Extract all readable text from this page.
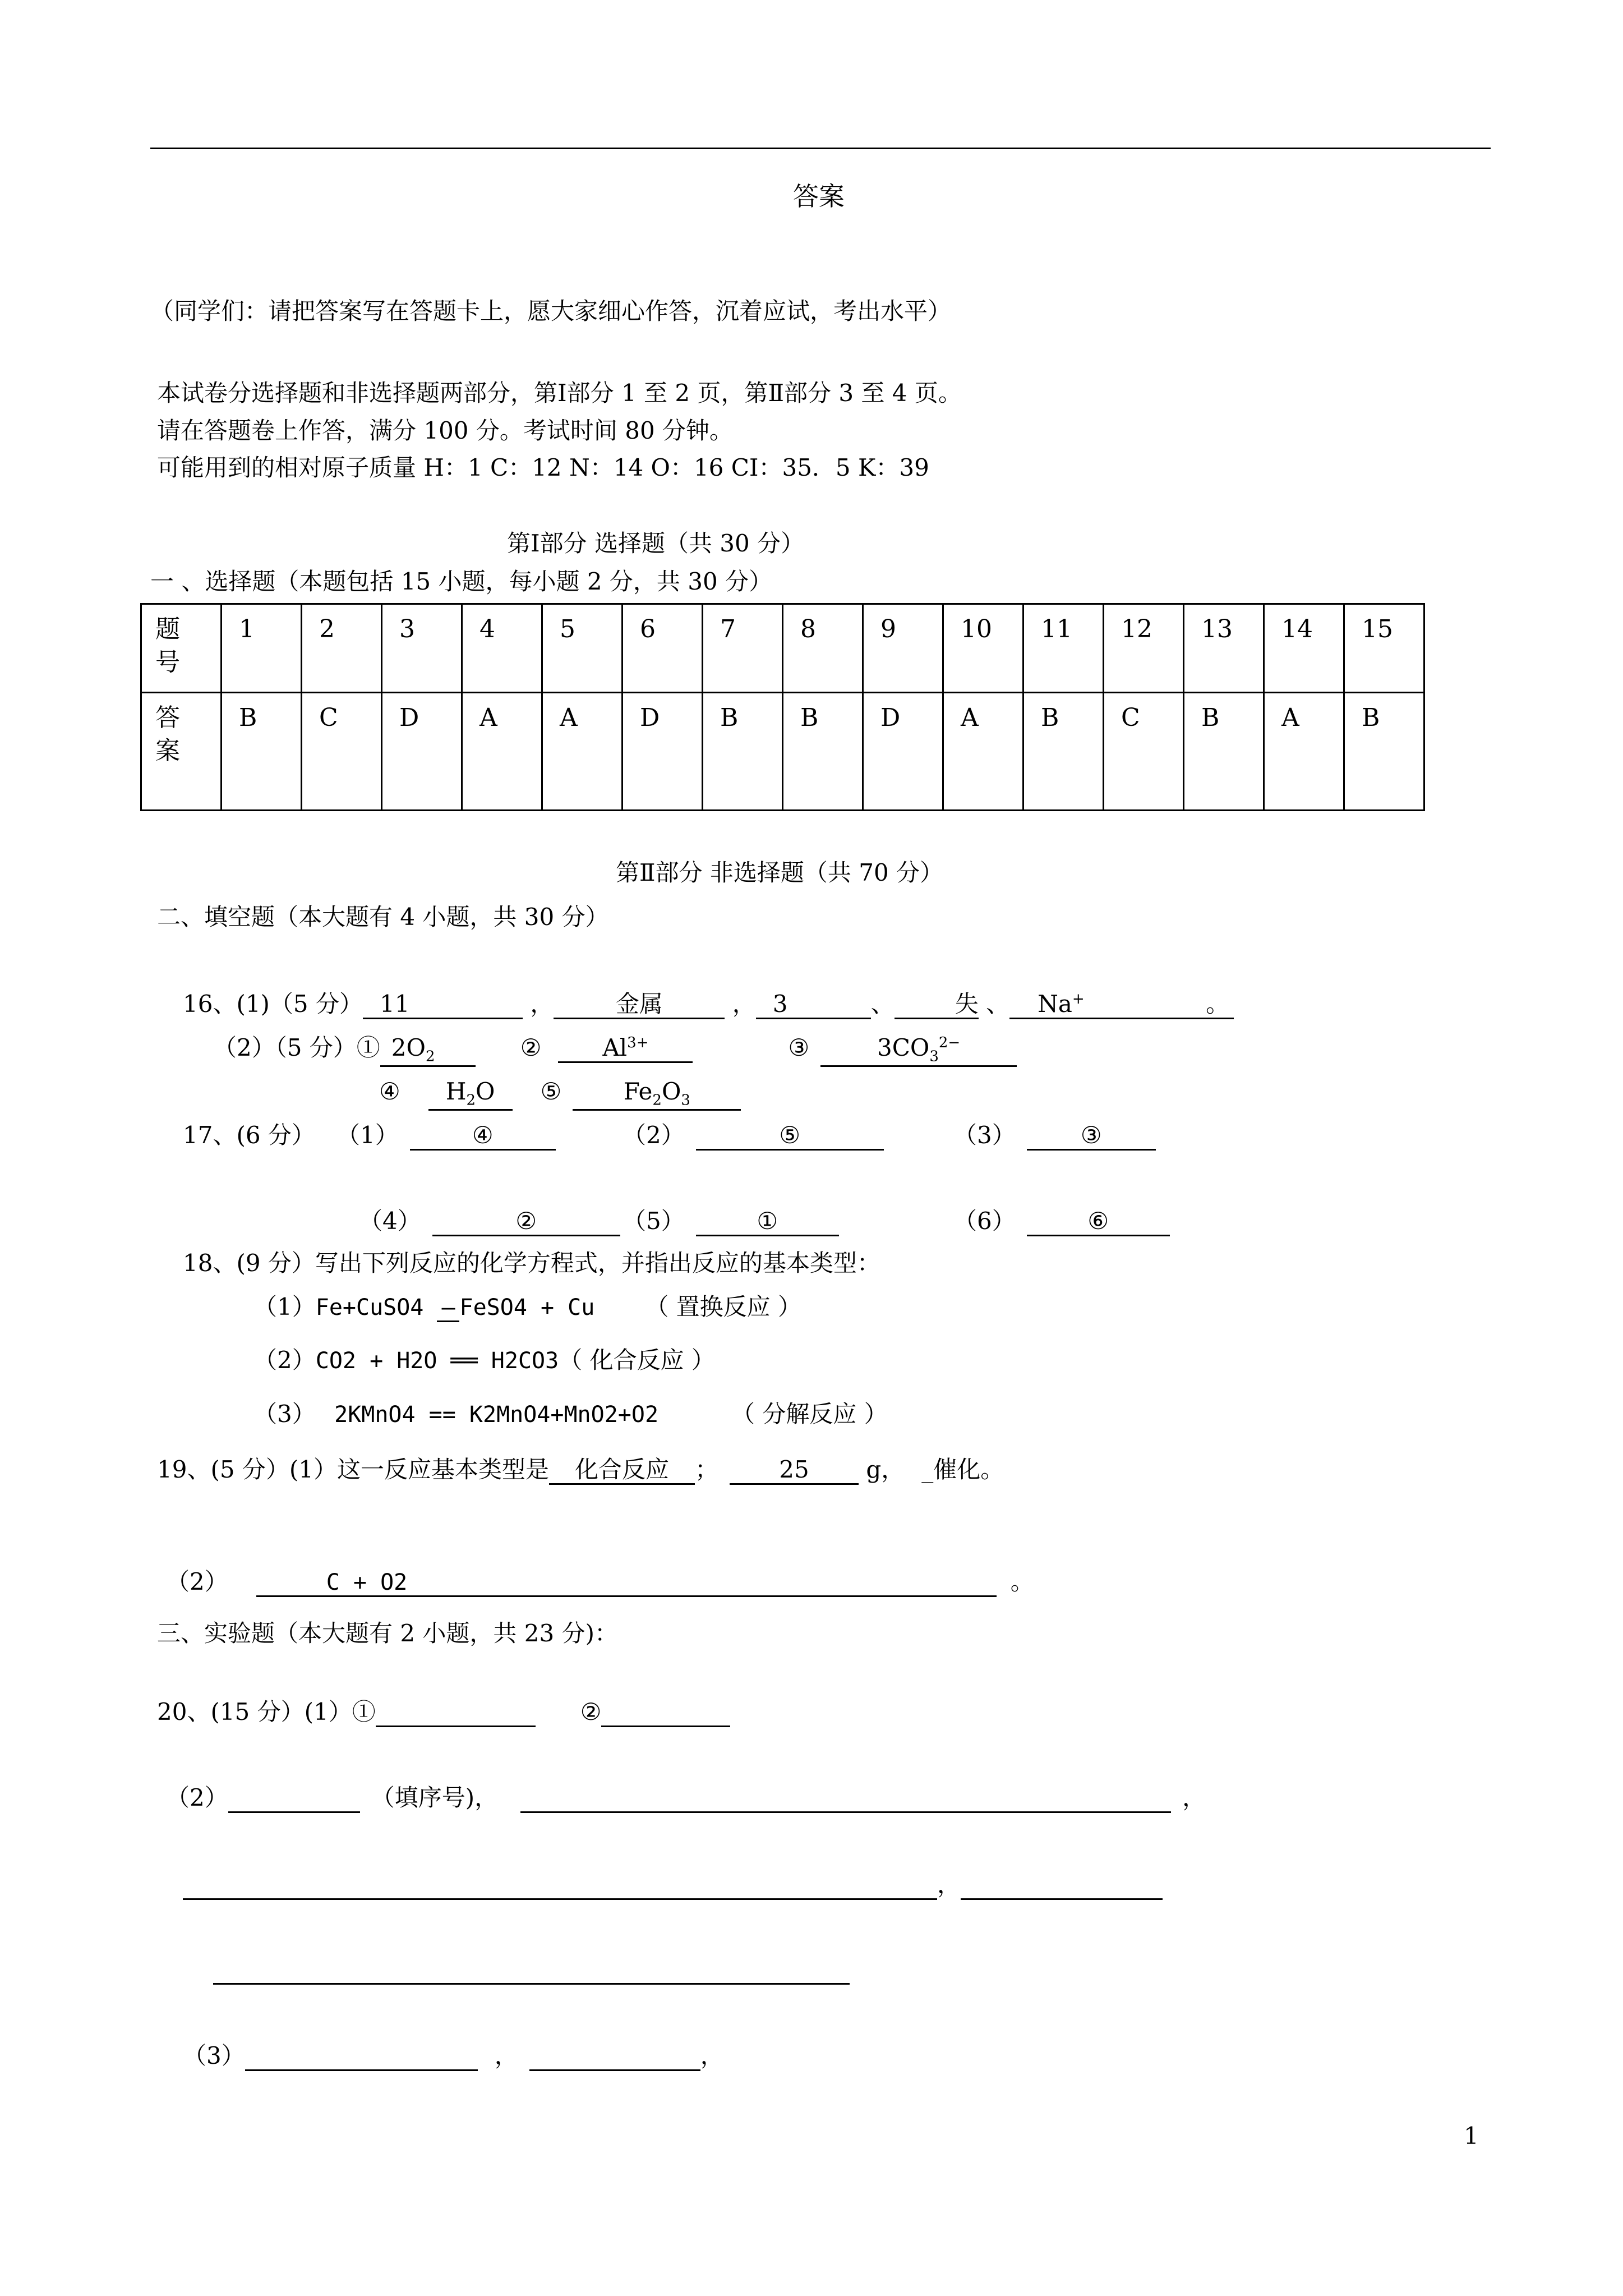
答案
（同学们：请把答案写在答题卡上，愿大家细心作答，沉着应试，考出水平）
本试卷分选择题和非选择题两部分，第Ⅰ部分 1 至 2 页，第Ⅱ部分 3 至 4 页。
请在答题卷上作答，满分 100 分。考试时间 80 分钟。
可能用到的相对原子质量 H：1 C：12 N：14 O：16 CI：35．5 K：39
第Ⅰ部分 选择题（共 30 分）
一 、选择题（本题包括 15 小题，每小题 2 分，共 30 分）
题号	1	2	3	4	5	6	7	8	9	10	11	12	13	14	15
答案	B	C	D	A	A	D	B	B	D	A	B	C	B	A	B
第Ⅱ部分 非选择题（共 70 分）
二、填空题（本大题有 4 小题，共 30 分）
16、(1)（5 分） 11	，	金属	， 3	、	失 、 Na+	。
（2）（5 分）① $2O_2$	②	$Al^{3+}$	③	$3CO_3^{2-}$
④ $H_2O$ ⑤	$Fe_2O_3$
17、(6 分） （1）	④	（2）	⑤	（3）	③
（4）	②	（5）	①	（6）	⑥
18、(9 分）写出下列反应的化学方程式，并指出反应的基本类型：
（1）Fe+CuSO4 — FeSO4 + Cu （ 置换反应 ）
（2）CO2 + H2O ══ H2CO3（ 化合反应 ）
（3） 2KMnO4 == K2MnO4+MnO2+O2	（ 分解反应 ）
19、(5 分）(1）这一反应基本类型是 化合反应 ；	25 g， _催化。
（2）	C + O2	。
三、实验题（本大题有 2 小题，共 23 分)：
20、(15 分）(1）①	②
（2）	（填序号)，	，
，
（3）	，	，
1
